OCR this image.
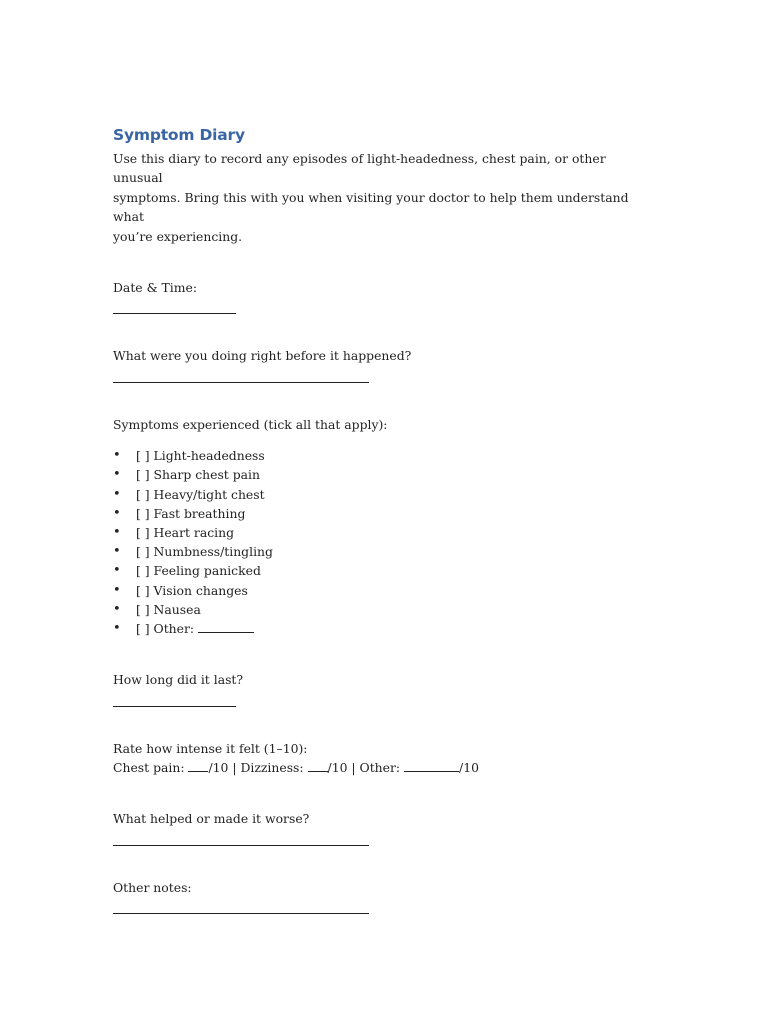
Symptom Diary

Use this diary to record any episodes of light-headedness, chest pain, or other unusual
symptoms. Bring this with you when visiting your doctor to help them understand what
you’re experiencing.

Date & Time:

What were you doing right before it happened?

Symptoms experienced (tick all that apply):

• [ ] Light-headedness
• [ ] Sharp chest pain
• [ ] Heavy/tight chest
• [ ] Fast breathing
• [ ] Heart racing
• [ ] Numbness/tingling
• [ ] Feeling panicked
• [ ] Vision changes
• [ ] Nausea
• [ ] Other:

How long did it last?

Rate how intense it felt (1–10):

Chest pain: /10 | Dizziness: /10 | Other:	/10

What helped or made it worse?

Other notes:
